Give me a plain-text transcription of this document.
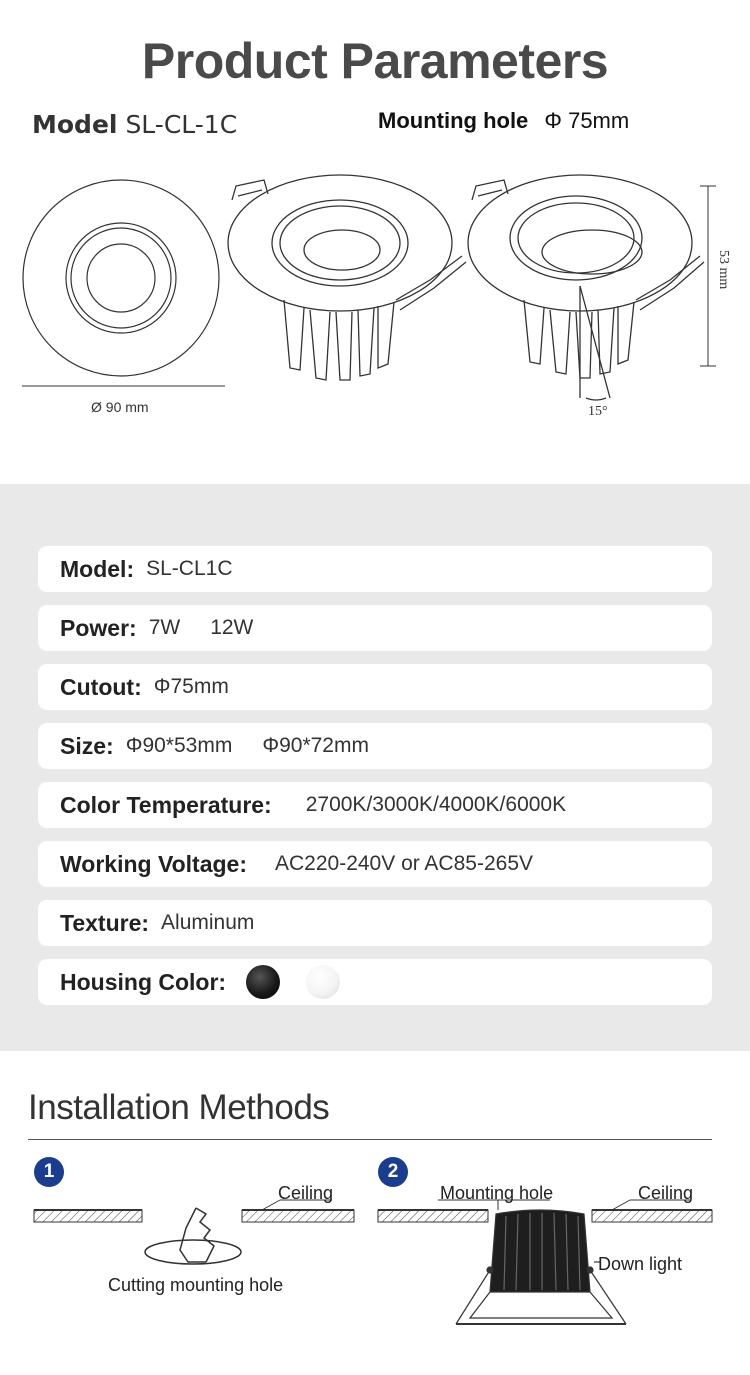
Product Parameters
Model SL-CL-1C	Mounting hole Φ 75mm
Ø 90 mm
53 mm
15°
Model: SL-CL1C
Power: 7W 12W
Cutout: Φ75mm
Size: Φ90*53mm Φ90*72mm
Color Temperature: 2700K/3000K/4000K/6000K
Working Voltage: AC220-240V or AC85-265V
Texture: Aluminum
Housing Color:
Installation Methods
1	2
Ceiling
Cutting mounting hole
Mounting hole	Ceiling
Down light
